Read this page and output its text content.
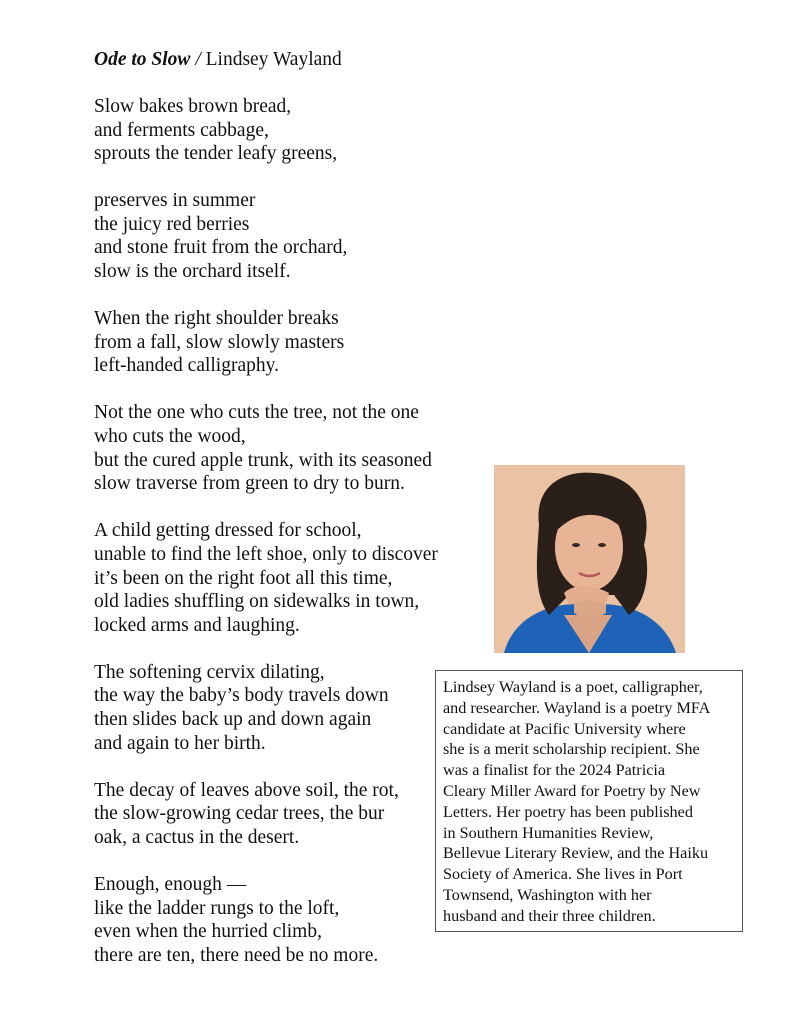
Ode to Slow / Lindsey Wayland
Slow bakes brown bread,
and ferments cabbage,
sprouts the tender leafy greens,
preserves in summer
the juicy red berries
and stone fruit from the orchard,
slow is the orchard itself.
When the right shoulder breaks
from a fall, slow slowly masters
left-handed calligraphy.
Not the one who cuts the tree, not the one
who cuts the wood,
but the cured apple trunk, with its seasoned
slow traverse from green to dry to burn.
A child getting dressed for school,
unable to find the left shoe, only to discover
it’s been on the right foot all this time,
old ladies shuffling on sidewalks in town,
locked arms and laughing.
The softening cervix dilating,
the way the baby’s body travels down
then slides back up and down again
and again to her birth.
The decay of leaves above soil, the rot,
the slow-growing cedar trees, the bur
oak, a cactus in the desert.
Enough, enough —
like the ladder rungs to the loft,
even when the hurried climb,
there are ten, there need be no more.
Lindsey Wayland is a poet, calligrapher,
and researcher. Wayland is a poetry MFA
candidate at Pacific University where
she is a merit scholarship recipient. She
was a finalist for the 2024 Patricia
Cleary Miller Award for Poetry by New
Letters. Her poetry has been published
in Southern Humanities Review,
Bellevue Literary Review, and the Haiku
Society of America. She lives in Port
Townsend, Washington with her
husband and their three children.
